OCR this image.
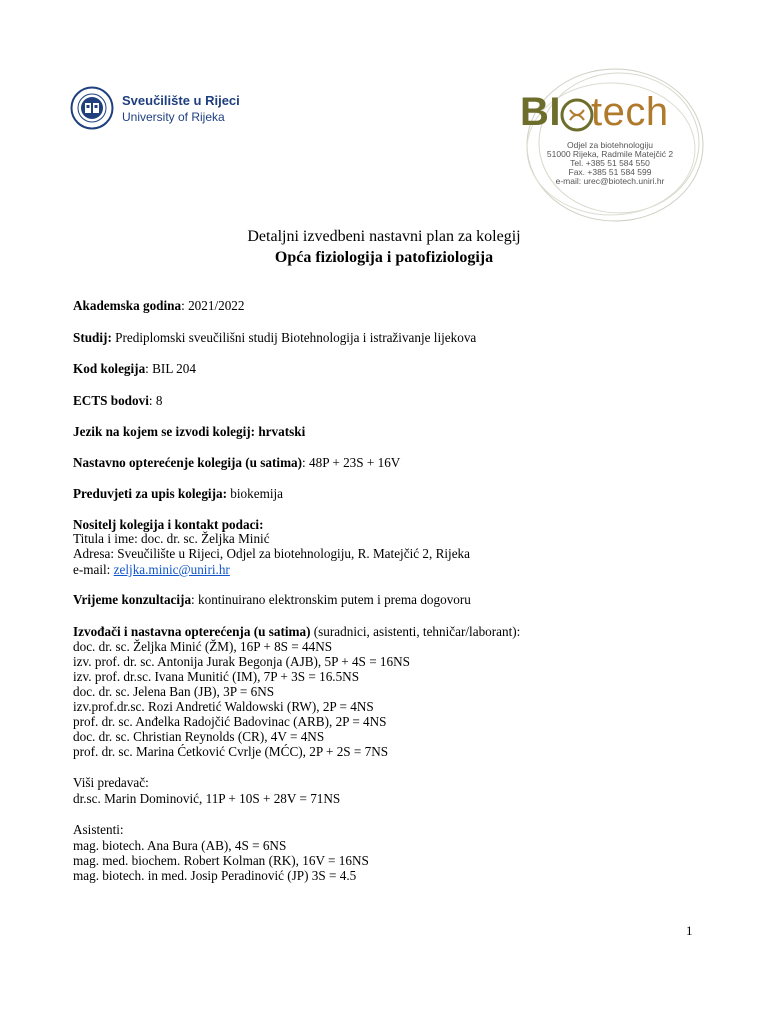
Sveučilište u Rijeci
University of Rijeka	BI tech
Odjel za biotehnologiju
51000 Rijeka, Radmile Matejčić 2
Tel. +385 51 584 550
Fax. +385 51 584 599
e-mail: urec@biotech.uniri.hr
Detaljni izvedbeni nastavni plan za kolegij
Opća fiziologija i patofiziologija
Akademska godina: 2021/2022
Studij: Prediplomski sveučilišni studij Biotehnologija i istraživanje lijekova
Kod kolegija: BIL 204
ECTS bodovi: 8
Jezik na kojem se izvodi kolegij: hrvatski
Nastavno opterećenje kolegija (u satima): 48P + 23S + 16V
Preduvjeti za upis kolegija: biokemija
Nositelj kolegija i kontakt podaci:
Titula i ime: doc. dr. sc. Željka Minić
Adresa: Sveučilište u Rijeci, Odjel za biotehnologiju, R. Matejčić 2, Rijeka
e-mail: zeljka.minic@uniri.hr
Vrijeme konzultacija: kontinuirano elektronskim putem i prema dogovoru
Izvođači i nastavna opterećenja (u satima) (suradnici, asistenti, tehničar/laborant):
doc. dr. sc. Željka Minić (ŽM), 16P + 8S = 44NS
izv. prof. dr. sc. Antonija Jurak Begonja (AJB), 5P + 4S = 16NS
izv. prof. dr.sc. Ivana Munitić (IM), 7P + 3S = 16.5NS
doc. dr. sc. Jelena Ban (JB), 3P = 6NS
izv.prof.dr.sc. Rozi Andretić Waldowski (RW), 2P = 4NS
prof. dr. sc. Anđelka Radojčić Badovinac (ARB), 2P = 4NS
doc. dr. sc. Christian Reynolds (CR), 4V = 4NS
prof. dr. sc. Marina Ćetković Cvrlje (MĆC), 2P + 2S = 7NS
Viši predavač:
dr.sc. Marin Dominović, 11P + 10S + 28V = 71NS
Asistenti:
mag. biotech. Ana Bura (AB), 4S = 6NS
mag. med. biochem. Robert Kolman (RK), 16V = 16NS
mag. biotech. in med. Josip Peradinović (JP) 3S = 4.5
1
